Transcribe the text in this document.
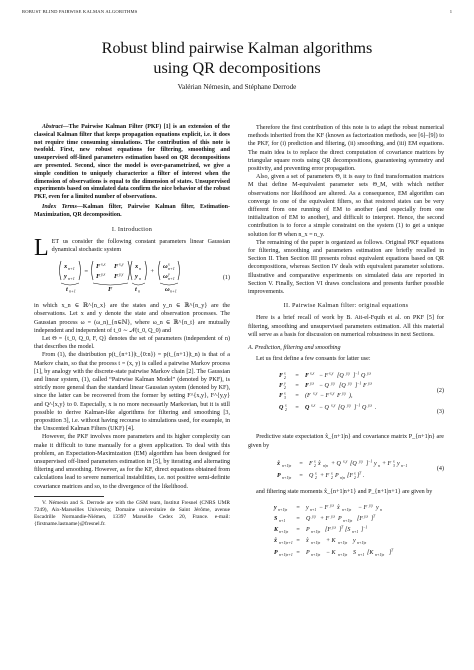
ROBUST BLIND PAIRWISE KALMAN ALGORITHMS	1
Robust blind pairwise Kalman algorithms
using QR decompositions
Valérian Némesin, and Stéphane Derrode

Abstract—The Pairwise Kalman Filter (PKF) [1] is an extension of the classical Kalman filter that keeps propagation equations explicit, i.e. it does not require time consuming simulations. The contribution of this note is twofold. First, new robust equations for filtering, smoothing and unsupervised off-lined parameters estimation based on QR decompositions are presented. Second, since the model is over-parametrized, we give a simple condition to uniquely characterize a filter of interest when the dimension of observations is equal to the dimension of states. Unsupervised experiments based on simulated data confirm the nice behavior of the robust PKF, even for a limited number of observations.

Index Terms—Kalman filter, Pairwise Kalman filter, Estimation-Maximization, QR decomposition.

I. Introduction

LET us consider the following constant parameters linear Gaussian dynamical stochastic system

x n+1
y n+1
t n+1
=
F x,x F x,y
F y,x F y,y
F
x n
y n
t n
+
ω x
n+1
ω y
n+1
ω n+1
(1)

in which x_n ∈ ℝ^{n_x} are the states and y_n ∈ ℝ^{n_y} are the observations. Let x and y denote the state and observation processes. The Gaussian process ω = (ω_n)_{n∈ℕ}, where ω_n ∈ ℝ^{n_t} are mutually independent and independent of t_0 ∼ 𝒩(t_0, Q_0) and

Let Θ = {t_0, Q_0, F, Q} denotes the set of parameters (independent of n) that describes the model.

From (1), the distribution p(t_{n+1}|t_{0:n}) = p(t_{n+1}|t_n) is that of a Markov chain, so that the process t = (x, y) is called a pairwise Markov process [1], by analogy with the discrete-state pairwise Markov chain [2]. The Gaussian and linear system, (1), called “Pairwise Kalman Model” (denoted by PKF), is strictly more general than the standard linear Gaussian system (denoted by KF), since the latter can be recovered from the former by setting F^{x,y}, F^{y,y} and Q^{x,y} to 0. Especially, x is no more necessarily Markovian, but it is still possible to derive Kalman-like algorithms for filtering and smoothing [3, proposition 3], i.e. without having recourse to simulations used, for example, in the Unscented Kalman Filters (UKF) [4].

However, the PKF involves more parameters and its higher complexity can make it difficult to tune manually for a given application. To deal with this problem, an Expectation-Maximization (EM) algorithm has been designed for unsupervised off-lined parameters estimation in [5], by iterating and alternating filtering and smoothing. However, as for the KF, direct equations obtained from calculations lead to severe numerical instabilities, i.e. not positive semi-definite covariance matrices and so, to the divergence of the likelihood.

V. Némesin and S. Derrode are with the GSM team, Institut Fresnel (CNRS UMR 7249), Aix-Marseilles University, Domaine universitaire de Saint Jérôme, avenue Escadrille Normandie-Niémen, 13397 Marseille Cedex 20, France. e-mail: {firstname.lastname}@fresnel.fr.

Therefore the first contribution of this note is to adapt the robust numerical methods inherited from the KF (known as factorization methods, see [6]–[9]) to the PKF, for (i) prediction and filtering, (ii) smoothing, and (iii) EM equations. The main idea is to replace the direct computation of covariance matrices by triangular square roots using QR decompositions, guaranteeing symmetry and positivity, and preventing error propagation.

Also, given a set of parameters Θ, it is easy to find transformation matrices M that define M-equivalent parameter sets Θ_M, with which neither observations nor likelihood are altered. As a consequence, EM algorithm can converge to one of the equivalent filters, so that restored states can be very different from one running of EM to another (and especially from one initialization of EM to another), and difficult to interpret. Hence, the second contribution is to force a simple constraint on the system (1) to get a unique solution for Θ when n_x = n_y.

The remaining of the paper is organized as follows. Original PKF equations for filtering, smoothing and parameters estimation are briefly recalled in Section II. Then Section III presents robust equivalent equations based on QR decompositions, whereas Section IV deals with equivalent parameter solutions. Illustrative and comparative experiments on simulated data are reported in Section V. Finally, Section VI draws conclusions and presents further possible improvements.

II. Pairwise Kalman filter: original equations

Here is a brief recall of work by B. Ait-el-Fquih et al. on PKF [5] for filtering, smoothing and unsupervised parameters estimation. All this material will serve as a basis for discussion on numerical robustness in next Sections.

A. Prediction, filtering and smoothing

Let us first define a few consants for latter use:

F x
2 = F x,x − F x,y [Q y,y ] −1 Q y,x
F y
2 = F y,x − Q y,y [Q y,y ] −1 F y,x
F x
3 = (F x,y − F x,y F y,y ),
Q x
2 = Q x,x − Q x,y [Q y,y ] −1 Q y,x .
(2)
(3)

Predictive state expectation x̂_{n+1|n} and covariance matrix P_{n+1|n} are given by

x̂ n+1|n = F x
2 x̂ n|n + Q x,y [Q y,y ] −1 y n + F x
3 y n−1
P n+1|n = Q x
2 + F x
2 P n|n [F x
2 ] T .
(4)

and filtering state moments x̂_{n+1|n+1} and P_{n+1|n+1} are given by

y n+1|n = y n+1 − F y,x x̂ n+1|n − F y,y y n
S n+1 = Q y,y + F y,x P n+1|n [F y,x ] T
K n+1|n = P n+1|n [F y,x ] T [S n+1 ] −1
x̂ n+1|n+1 = x̂ n+1|n + K n+1|n y n+1|n
P n+1|n+1 = P n+1|n − K n+1|n S n+1 [K n+1|n ] T
